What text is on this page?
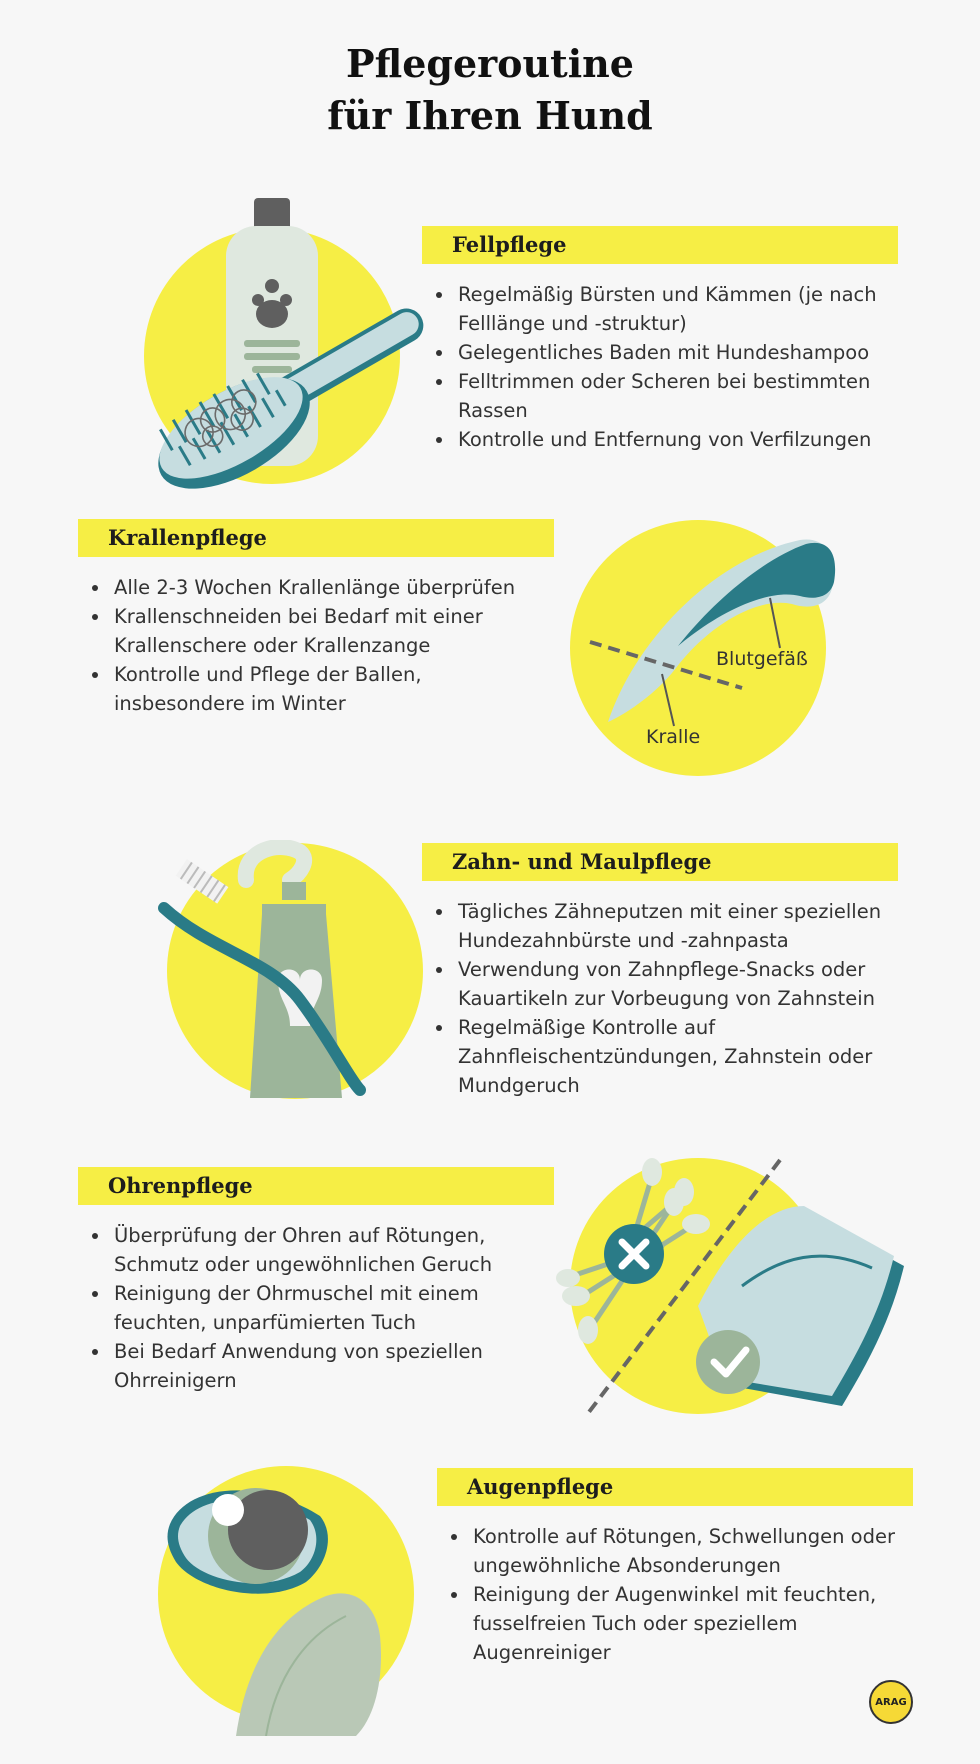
Pflegeroutine
für Ihren Hund
Fellpflege
Regelmäßig Bürsten und Kämmen (je nach Felllänge und -struktur)
Gelegentliches Baden mit Hundeshampoo
Felltrimmen oder Scheren bei bestimmten Rassen
Kontrolle und Entfernung von Verfilzungen
Krallenpflege
Alle 2-3 Wochen Krallenlänge überprüfen
Krallenschneiden bei Bedarf mit einer Krallenschere oder Krallenzange
Kontrolle und Pflege der Ballen, insbesondere im Winter
Blutgefäß
Kralle
Zahn- und Maulpflege
Tägliches Zähneputzen mit einer speziellen Hundezahnbürste und -zahnpasta
Verwendung von Zahnpflege-Snacks oder Kauartikeln zur Vorbeugung von Zahnstein
Regelmäßige Kontrolle auf Zahnfleischentzündungen, Zahnstein oder Mundgeruch
Ohrenpflege
Überprüfung der Ohren auf Rötungen, Schmutz oder ungewöhnlichen Geruch
Reinigung der Ohrmuschel mit einem feuchten, unparfümierten Tuch
Bei Bedarf Anwendung von speziellen Ohrreinigern
Augenpflege
Kontrolle auf Rötungen, Schwellungen oder ungewöhnliche Absonderungen
Reinigung der Augenwinkel mit feuchten, fusselfreien Tuch oder speziellem Augenreiniger
ARAG
